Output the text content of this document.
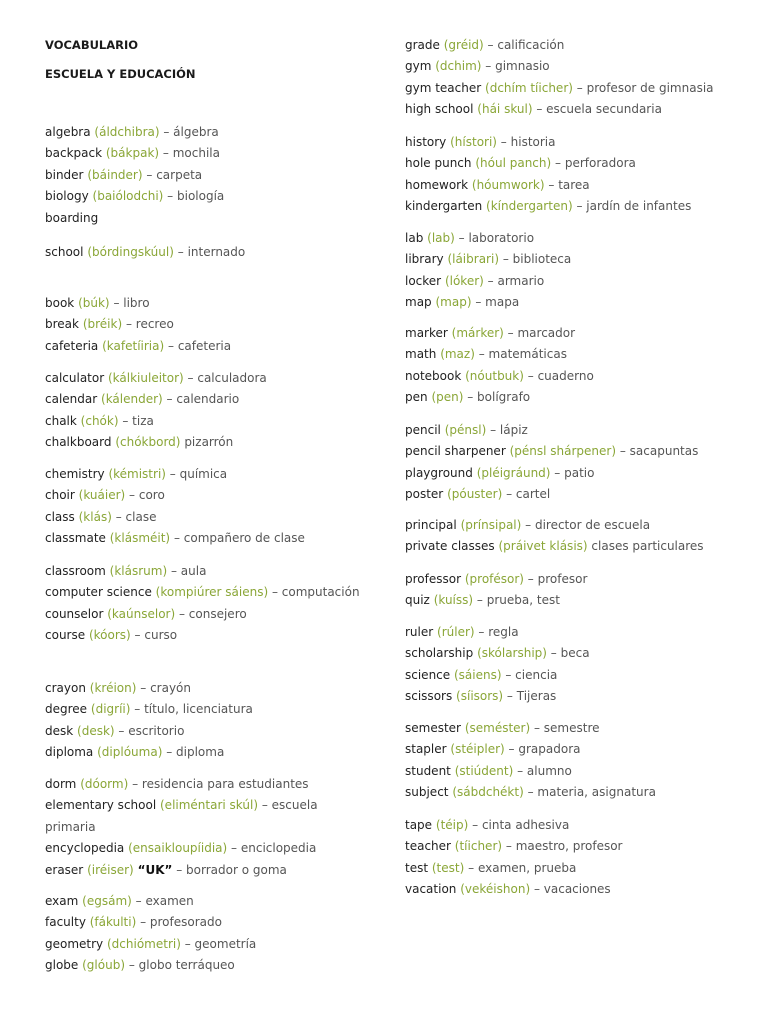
VOCABULARIO
ESCUELA Y EDUCACIÓN
algebra (áldchibra) – álgebra
backpack (bákpak) – mochila
binder (báinder) – carpeta
biology (baiólodchi) – biología
boarding
school (bórdingskúul) – internado
book (búk) – libro
break (bréik) – recreo
cafeteria (kafetíiria) – cafeteria
calculator (kálkiuleitor) – calculadora
calendar (kálender) – calendario
chalk (chók) – tiza
chalkboard (chókbord) pizarrón
chemistry (kémistri) – química
choir (kuáier) – coro
class (klás) – clase
classmate (klásméit) – compañero de clase
classroom (klásrum) – aula
computer science (kompiúrer sáiens) – computación
counselor (kaúnselor) – consejero
course (kóors) – curso
crayon (kréion) – crayón
degree (digríi) – título, licenciatura
desk (desk) – escritorio
diploma (diplóuma) – diploma
dorm (dóorm) – residencia para estudiantes
elementary school (eliméntari skúl) – escuela primaria
encyclopedia (ensaikloupíidia) – enciclopedia
eraser (iréiser) “UK” – borrador o goma
exam (egsám) – examen
faculty (fákulti) – profesorado
geometry (dchiómetri) – geometría
globe (glóub) – globo terráqueo
grade (gréid) – calificación
gym (dchim) – gimnasio
gym teacher (dchím tíicher) – profesor de gimnasia
high school (hái skul) – escuela secundaria
history (hístori) – historia
hole punch (hóul panch) – perforadora
homework (hóumwork) – tarea
kindergarten (kíndergarten) – jardín de infantes
lab (lab) – laboratorio
library (láibrari) – biblioteca
locker (lóker) – armario
map (map) – mapa
marker (márker) – marcador
math (maz) – matemáticas
notebook (nóutbuk) – cuaderno
pen (pen) – bolígrafo
pencil (pénsl) – lápiz
pencil sharpener (pénsl shárpener) – sacapuntas
playground (pléigráund) – patio
poster (póuster) – cartel
principal (prínsipal) – director de escuela
private classes (práivet klásis) clases particulares
professor (profésor) – profesor
quiz (kuíss) – prueba, test
ruler (rúler) – regla
scholarship (skólarship) – beca
science (sáiens) – ciencia
scissors (síisors) – Tijeras
semester (seméster) – semestre
stapler (stéipler) – grapadora
student (stiúdent) – alumno
subject (sábdchékt) – materia, asignatura
tape (téip) – cinta adhesiva
teacher (tíicher) – maestro, profesor
test (test) – examen, prueba
vacation (vekéishon) – vacaciones
